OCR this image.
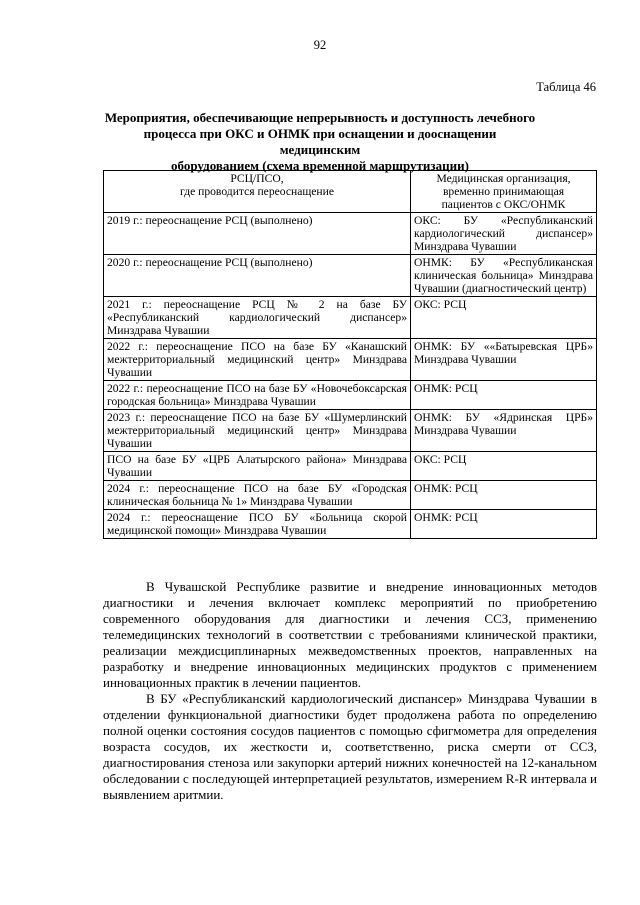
92
Таблица 46
Мероприятия, обеспечивающие непрерывность и доступность лечебного
процесса при ОКС и ОНМК при оснащении и дооснащении медицинским
оборудованием (схема временной маршрутизации)
РСЦ/ПСО,
где проводится переоснащение	Медицинская организация,
временно принимающая
пациентов с ОКС/ОНМК
2019 г.: переоснащение РСЦ (выполнено)	ОКС: БУ «Республиканский кардиологический диспансер» Минздрава Чувашии
2020 г.: переоснащение РСЦ (выполнено)	ОНМК: БУ «Республиканская клиническая больница» Минздрава Чувашии (диагностический центр)
2021 г.: переоснащение РСЦ № 2 на базе БУ «Республиканский кардиологический диспансер» Минздрава Чувашии	ОКС: РСЦ
2022 г.: переоснащение ПСО на базе БУ «Канашский межтерриториальный медицинский центр» Минздрава Чувашии	ОНМК: БУ ««Батыревская ЦРБ» Минздрава Чувашии
2022 г.: переоснащение ПСО на базе БУ «Новочебоксарская городская больница» Минздрава Чувашии	ОНМК: РСЦ
2023 г.: переоснащение ПСО на базе БУ «Шумерлинский межтерриториальный медицинский центр» Минздрава Чувашии	ОНМК: БУ «Ядринская ЦРБ» Минздрава Чувашии
ПСО на базе БУ «ЦРБ Алатырского района» Минздрава Чувашии	ОКС: РСЦ
2024 г.: переоснащение ПСО на базе БУ «Городская клиническая больница № 1» Минздрава Чувашии	ОНМК: РСЦ
2024 г.: переоснащение ПСО БУ «Больница скорой медицинской помощи» Минздрава Чувашии	ОНМК: РСЦ

В Чувашской Республике развитие и внедрение инновационных методов диагностики и лечения включает комплекс мероприятий по приобретению современного оборудования для диагностики и лечения ССЗ, применению телемедицинских технологий в соответствии с требованиями клинической практики, реализации междисциплинарных межведомственных проектов, направленных на разработку и внедрение инновационных медицинских продуктов с применением инновационных практик в лечении пациентов.

В БУ «Республиканский кардиологический диспансер» Минздрава Чувашии в отделении функциональной диагностики будет продолжена работа по определению полной оценки состояния сосудов пациентов с помощью сфигмометра для определения возраста сосудов, их жесткости и, соответственно, риска смерти от ССЗ, диагностирования стеноза или закупорки артерий нижних конечностей на 12-канальном обследовании с последующей интерпретацией результатов, измерением R-R интервала и выявлением аритмии.
